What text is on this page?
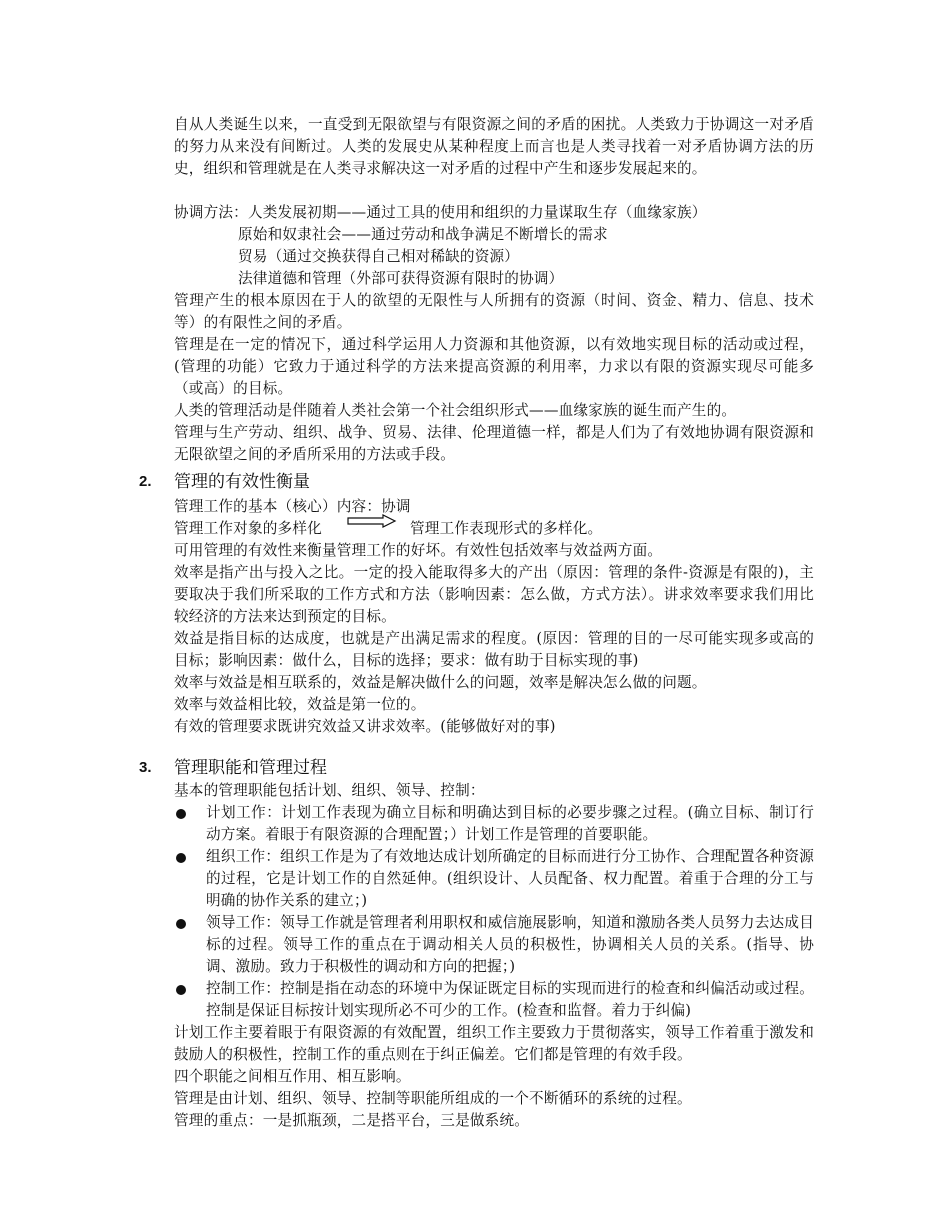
自从人类诞生以来，一直受到无限欲望与有限资源之间的矛盾的困扰。人类致力于协调这一对矛盾的努力从来没有间断过。人类的发展史从某种程度上而言也是人类寻找着一对矛盾协调方法的历史，组织和管理就是在人类寻求解决这一对矛盾的过程中产生和逐步发展起来的。
协调方法：人类发展初期——通过工具的使用和组织的力量谋取生存（血缘家族）
原始和奴隶社会——通过劳动和战争满足不断增长的需求
贸易（通过交换获得自己相对稀缺的资源）
法律道德和管理（外部可获得资源有限时的协调）
管理产生的根本原因在于人的欲望的无限性与人所拥有的资源（时间、资金、精力、信息、技术等）的有限性之间的矛盾。
管理是在一定的情况下，通过科学运用人力资源和其他资源，以有效地实现目标的活动或过程，(管理的功能）它致力于通过科学的方法来提高资源的利用率，力求以有限的资源实现尽可能多（或高）的目标。
人类的管理活动是伴随着人类社会第一个社会组织形式——血缘家族的诞生而产生的。
管理与生产劳动、组织、战争、贸易、法律、伦理道德一样，都是人们为了有效地协调有限资源和无限欲望之间的矛盾所采用的方法或手段。
2. 管理的有效性衡量
管理工作的基本（核心）内容：协调
管理工作对象的多样化	管理工作表现形式的多样化。
可用管理的有效性来衡量管理工作的好坏。有效性包括效率与效益两方面。
效率是指产出与投入之比。一定的投入能取得多大的产出（原因：管理的条件-资源是有限的)，主要取决于我们所采取的工作方式和方法（影响因素：怎么做，方式方法）。讲求效率要求我们用比较经济的方法来达到预定的目标。
效益是指目标的达成度，也就是产出满足需求的程度。(原因：管理的目的一尽可能实现多或高的目标；影响因素：做什么，目标的选择；要求：做有助于目标实现的事)
效率与效益是相互联系的，效益是解决做什么的问题，效率是解决怎么做的问题。
效率与效益相比较，效益是第一位的。
有效的管理要求既讲究效益又讲求效率。(能够做好对的事)
3. 管理职能和管理过程
基本的管理职能包括计划、组织、领导、控制：
计划工作：计划工作表现为确立目标和明确达到目标的必要步骤之过程。(确立目标、制订行动方案。着眼于有限资源的合理配置；）计划工作是管理的首要职能。
组织工作：组织工作是为了有效地达成计划所确定的目标而进行分工协作、合理配置各种资源的过程，它是计划工作的自然延伸。(组织设计、人员配备、权力配置。着重于合理的分工与明确的协作关系的建立；)
领导工作：领导工作就是管理者利用职权和威信施展影响，知道和激励各类人员努力去达成目标的过程。领导工作的重点在于调动相关人员的积极性，协调相关人员的关系。(指导、协调、激励。致力于积极性的调动和方向的把握；)
控制工作：控制是指在动态的环境中为保证既定目标的实现而进行的检查和纠偏活动或过程。控制是保证目标按计划实现所必不可少的工作。(检查和监督。着力于纠偏)
计划工作主要着眼于有限资源的有效配置，组织工作主要致力于贯彻落实，领导工作着重于激发和鼓励人的积极性，控制工作的重点则在于纠正偏差。它们都是管理的有效手段。
四个职能之间相互作用、相互影响。
管理是由计划、组织、领导、控制等职能所组成的一个不断循环的系统的过程。
管理的重点：一是抓瓶颈，二是搭平台，三是做系统。
